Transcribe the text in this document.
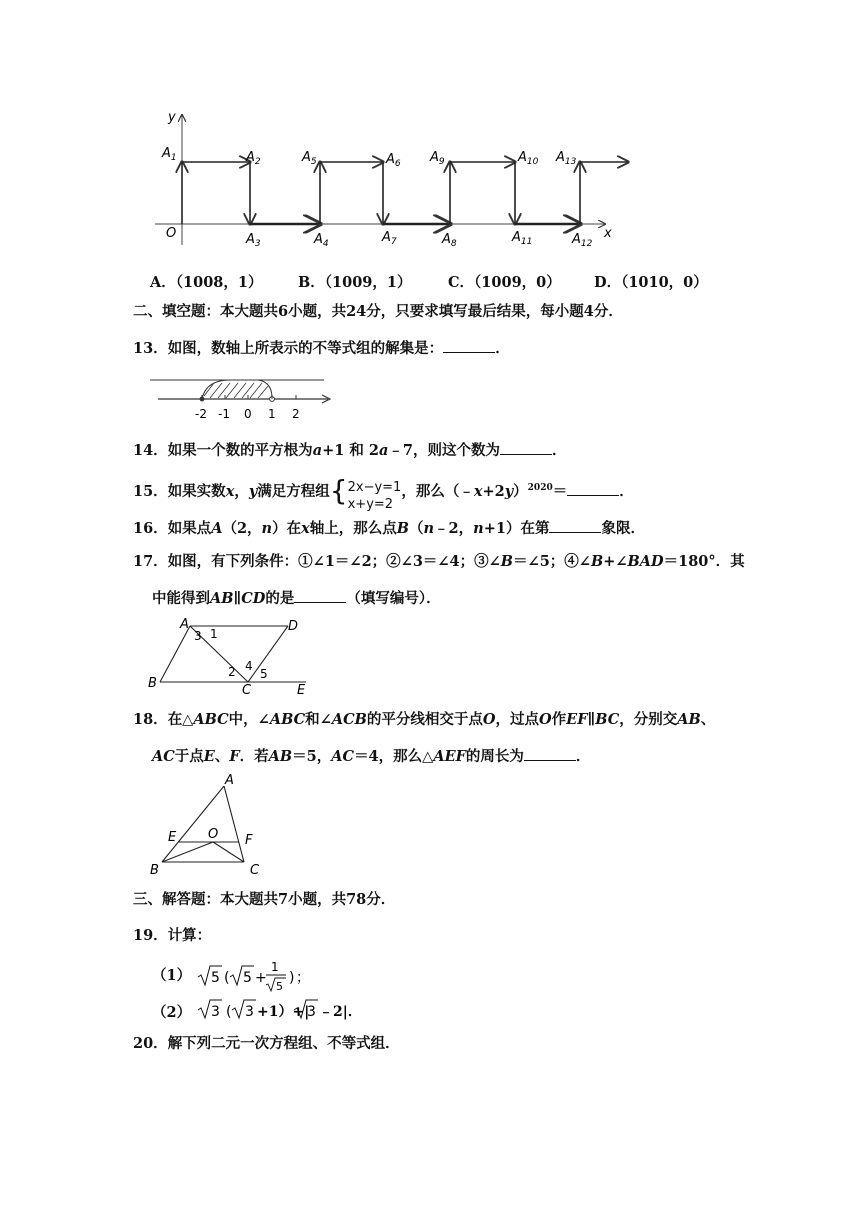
y
x
O
$A_1$	$A_2$	$A_5$	$A_6$ $A_9$	$A_{10}$ $A_{13}$
$A_3$	$A_4$	$A_7$	$A_8$	$A_{11}$	$A_{12}$
A．（1008，1） B．（1009，1）	C．（1009，0） D．（1010，0）
二、填空题：本大题共6小题，共24分，只要求填写最后结果，每小题4分．
13．如图，数轴上所表示的不等式组的解集是：	．
-2 -1 0 1 2
14．如果一个数的平方根为a+1 和 2a﹣7，则这个数为	．
15．如果实数x，y满足方程组{ 2x−y=1
x+y=2
，那么（﹣x+2y）$^{2020}$＝	．
16．如果点A（2，n）在x轴上，那么点B（n﹣2，n+1）在第	象限．
17．如图，有下列条件：①∠1＝∠2；②∠3＝∠4；③∠B＝∠5；④∠B+∠BAD＝180°．其
中能得到AB∥CD的是	（填写编号）．
A	D
B	C	E
1
3
2 4
5
18．在△ABC中，∠ABC和∠ACB的平分线相交于点O，过点O作EF∥BC，分别交AB、
AC于点E、F．若AB＝5，AC＝4，那么△AEF的周长为	．
A
B	C
E	F
O
三、解答题：本大题共7小题，共78分．
19．计算：
（1） 5 ( 5 +
1
5
) ；
（2） 3 ( 3 +1）+|
3 ﹣2|．
20．解下列二元一次方程组、不等式组．
